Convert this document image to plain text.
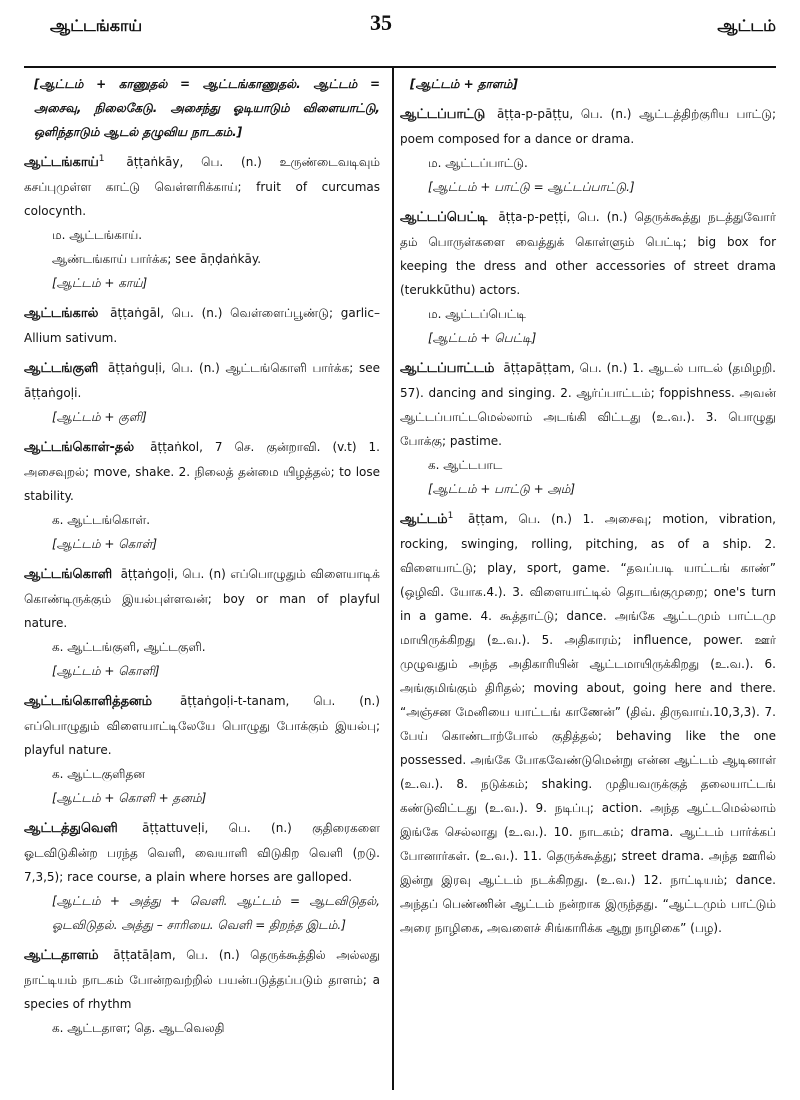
ஆட்டங்காய்	35	ஆட்டம்

[ஆட்டம் + காணுதல் = ஆட்டங்காணுதல். ஆட்டம் = அசைவு, நிலைகேடு. அசைந்து ஓடியாடும் விளையாட்டு, ஒளிந்தாடும் ஆடல் தழுவிய நாடகம்.]

ஆட்டங்காய்$^1$ āṭṭaṅkāy, பெ. (n.) உருண்டைவடிவும் கசப்புமுள்ள காட்டு வெள்ளரிக்காய்; fruit of curcumas colocynth.
ம. ஆட்டங்காய்.
ஆண்டங்காய் பார்க்க; see āṇḍaṅkāy.
[ஆட்டம் + காய்]
ஆட்டங்கால் āṭṭaṅgāl, பெ. (n.) வெள்ளைப்பூண்டு; garlic–Allium sativum.
ஆட்டங்குளி āṭṭaṅguḷi, பெ. (n.) ஆட்டங்கொளி பார்க்க; see āṭṭaṅgoḷi.
[ஆட்டம் + குளி]
ஆட்டங்கொள்-தல் āṭṭaṅkol, 7 செ. குன்றாவி. (v.t) 1. அசைவுறல்; move, shake. 2. நிலைத் தன்மை யிழத்தல்; to lose stability.
க. ஆட்டங்கொள்.
[ஆட்டம் + கொள்]
ஆட்டங்கொளி āṭṭaṅgoḷi, பெ. (n) எப்பொழுதும் விளையாடிக் கொண்டிருக்கும் இயல்புள்ளவன்; boy or man of playful nature.
க. ஆட்டங்குளி, ஆட்டகுளி.
[ஆட்டம் + கொளி]
ஆட்டங்கொளித்தனம் āṭṭaṅgoḷi-t-tanam, பெ. (n.) எப்பொழுதும் விளையாட்டிலேயே பொழுது போக்கும் இயல்பு; playful nature.
க. ஆட்டகுளிதன
[ஆட்டம் + கொளி + தனம்]
ஆட்டத்துவெளி āṭṭattuveḷi, பெ. (n.) குதிரைகளை ஓடவிடுகின்ற பரந்த வெளி, வையாளி விடுகிற வெளி (றடு. 7,3,5); race course, a plain where horses are galloped.
[ஆட்டம் + அத்து + வெளி. ஆட்டம் = ஆடவிடுதல், ஓடவிடுதல். அத்து – சாரியை. வெளி = திறந்த இடம்.]
ஆட்டதாளம் āṭṭatāḷam, பெ. (n.) தெருக்கூத்தில் அல்லது நாட்டியம் நாடகம் போன்றவற்றில் பயன்படுத்தப்படும் தாளம்; a species of rhythm
க. ஆட்டதாள; தெ. ஆடவெலதி

[ஆட்டம் + தாளம்]

ஆட்டப்பாட்டு āṭṭa-p-pāṭṭu, பெ. (n.) ஆட்டத்திற்குரிய பாட்டு; poem composed for a dance or drama.
ம. ஆட்டப்பாட்டு.
[ஆட்டம் + பாட்டு = ஆட்டப்பாட்டு.]
ஆட்டப்பெட்டி āṭṭa-p-peṭṭi, பெ. (n.) தெருக்கூத்து நடத்துவோர் தம் பொருள்களை வைத்துக் கொள்ளும் பெட்டி; big box for keeping the dress and other accessories of street drama (terukkūthu) actors.
ம. ஆட்டப்பெட்டி
[ஆட்டம் + பெட்டி]
ஆட்டப்பாட்டம் āṭṭapāṭṭam, பெ. (n.) 1. ஆடல் பாடல் (தமிழறி. 57). dancing and singing. 2. ஆர்ப்பாட்டம்; foppishness. அவன் ஆட்டப்பாட்டமெல்லாம் அடங்கி விட்டது (உ.வ.). 3. பொழுது போக்கு; pastime.
க. ஆட்டபாட
[ஆட்டம் + பாட்டு + அம்]
ஆட்டம்$^1$ āṭṭam, பெ. (n.) 1. அசைவு; motion, vibration, rocking, swinging, rolling, pitching, as of a ship. 2. விளையாட்டு; play, sport, game. “தவப்படி யாட்டங் காண்” (ஒழிவி. யோக.4.). 3. விளையாட்டில் தொடங்குமுறை; one's turn in a game. 4. கூத்தாட்டு; dance. அங்கே ஆட்டமும் பாட்டமு மாயிருக்கிறது (உ.வ.). 5. அதிகாரம்; influence, power. ஊர் முழுவதும் அந்த அதிகாரியின் ஆட்டமாயிருக்கிறது (உ.வ.). 6. அங்குமிங்கும் திரிதல்; moving about, going here and there. “அஞ்சன மேனியை யாட்டங் காணேன்” (திவ். திருவாய்.10,3,3). 7. பேய் கொண்டாற்போல் குதித்தல்; behaving like the one possessed. அங்கே போகவேண்டுமென்று என்ன ஆட்டம் ஆடினாள் (உ.வ.). 8. நடுக்கம்; shaking. முதியவருக்குத் தலையாட்டங் கண்டுவிட்டது (உ.வ.). 9. நடிப்பு; action. அந்த ஆட்டமெல்லாம் இங்கே செல்லாது (உ.வ.). 10. நாடகம்; drama. ஆட்டம் பார்க்கப் போனார்கள். (உ.வ.). 11. தெருக்கூத்து; street drama. அந்த ஊரில் இன்று இரவு ஆட்டம் நடக்கிறது. (உ.வ.) 12. நாட்டியம்; dance. அந்தப் பெண்ணின் ஆட்டம் நன்றாக இருந்தது. “ஆட்டமும் பாட்டும் அரை நாழிகை, அவளைச் சிங்காரிக்க ஆறு நாழிகை” (பழ).
